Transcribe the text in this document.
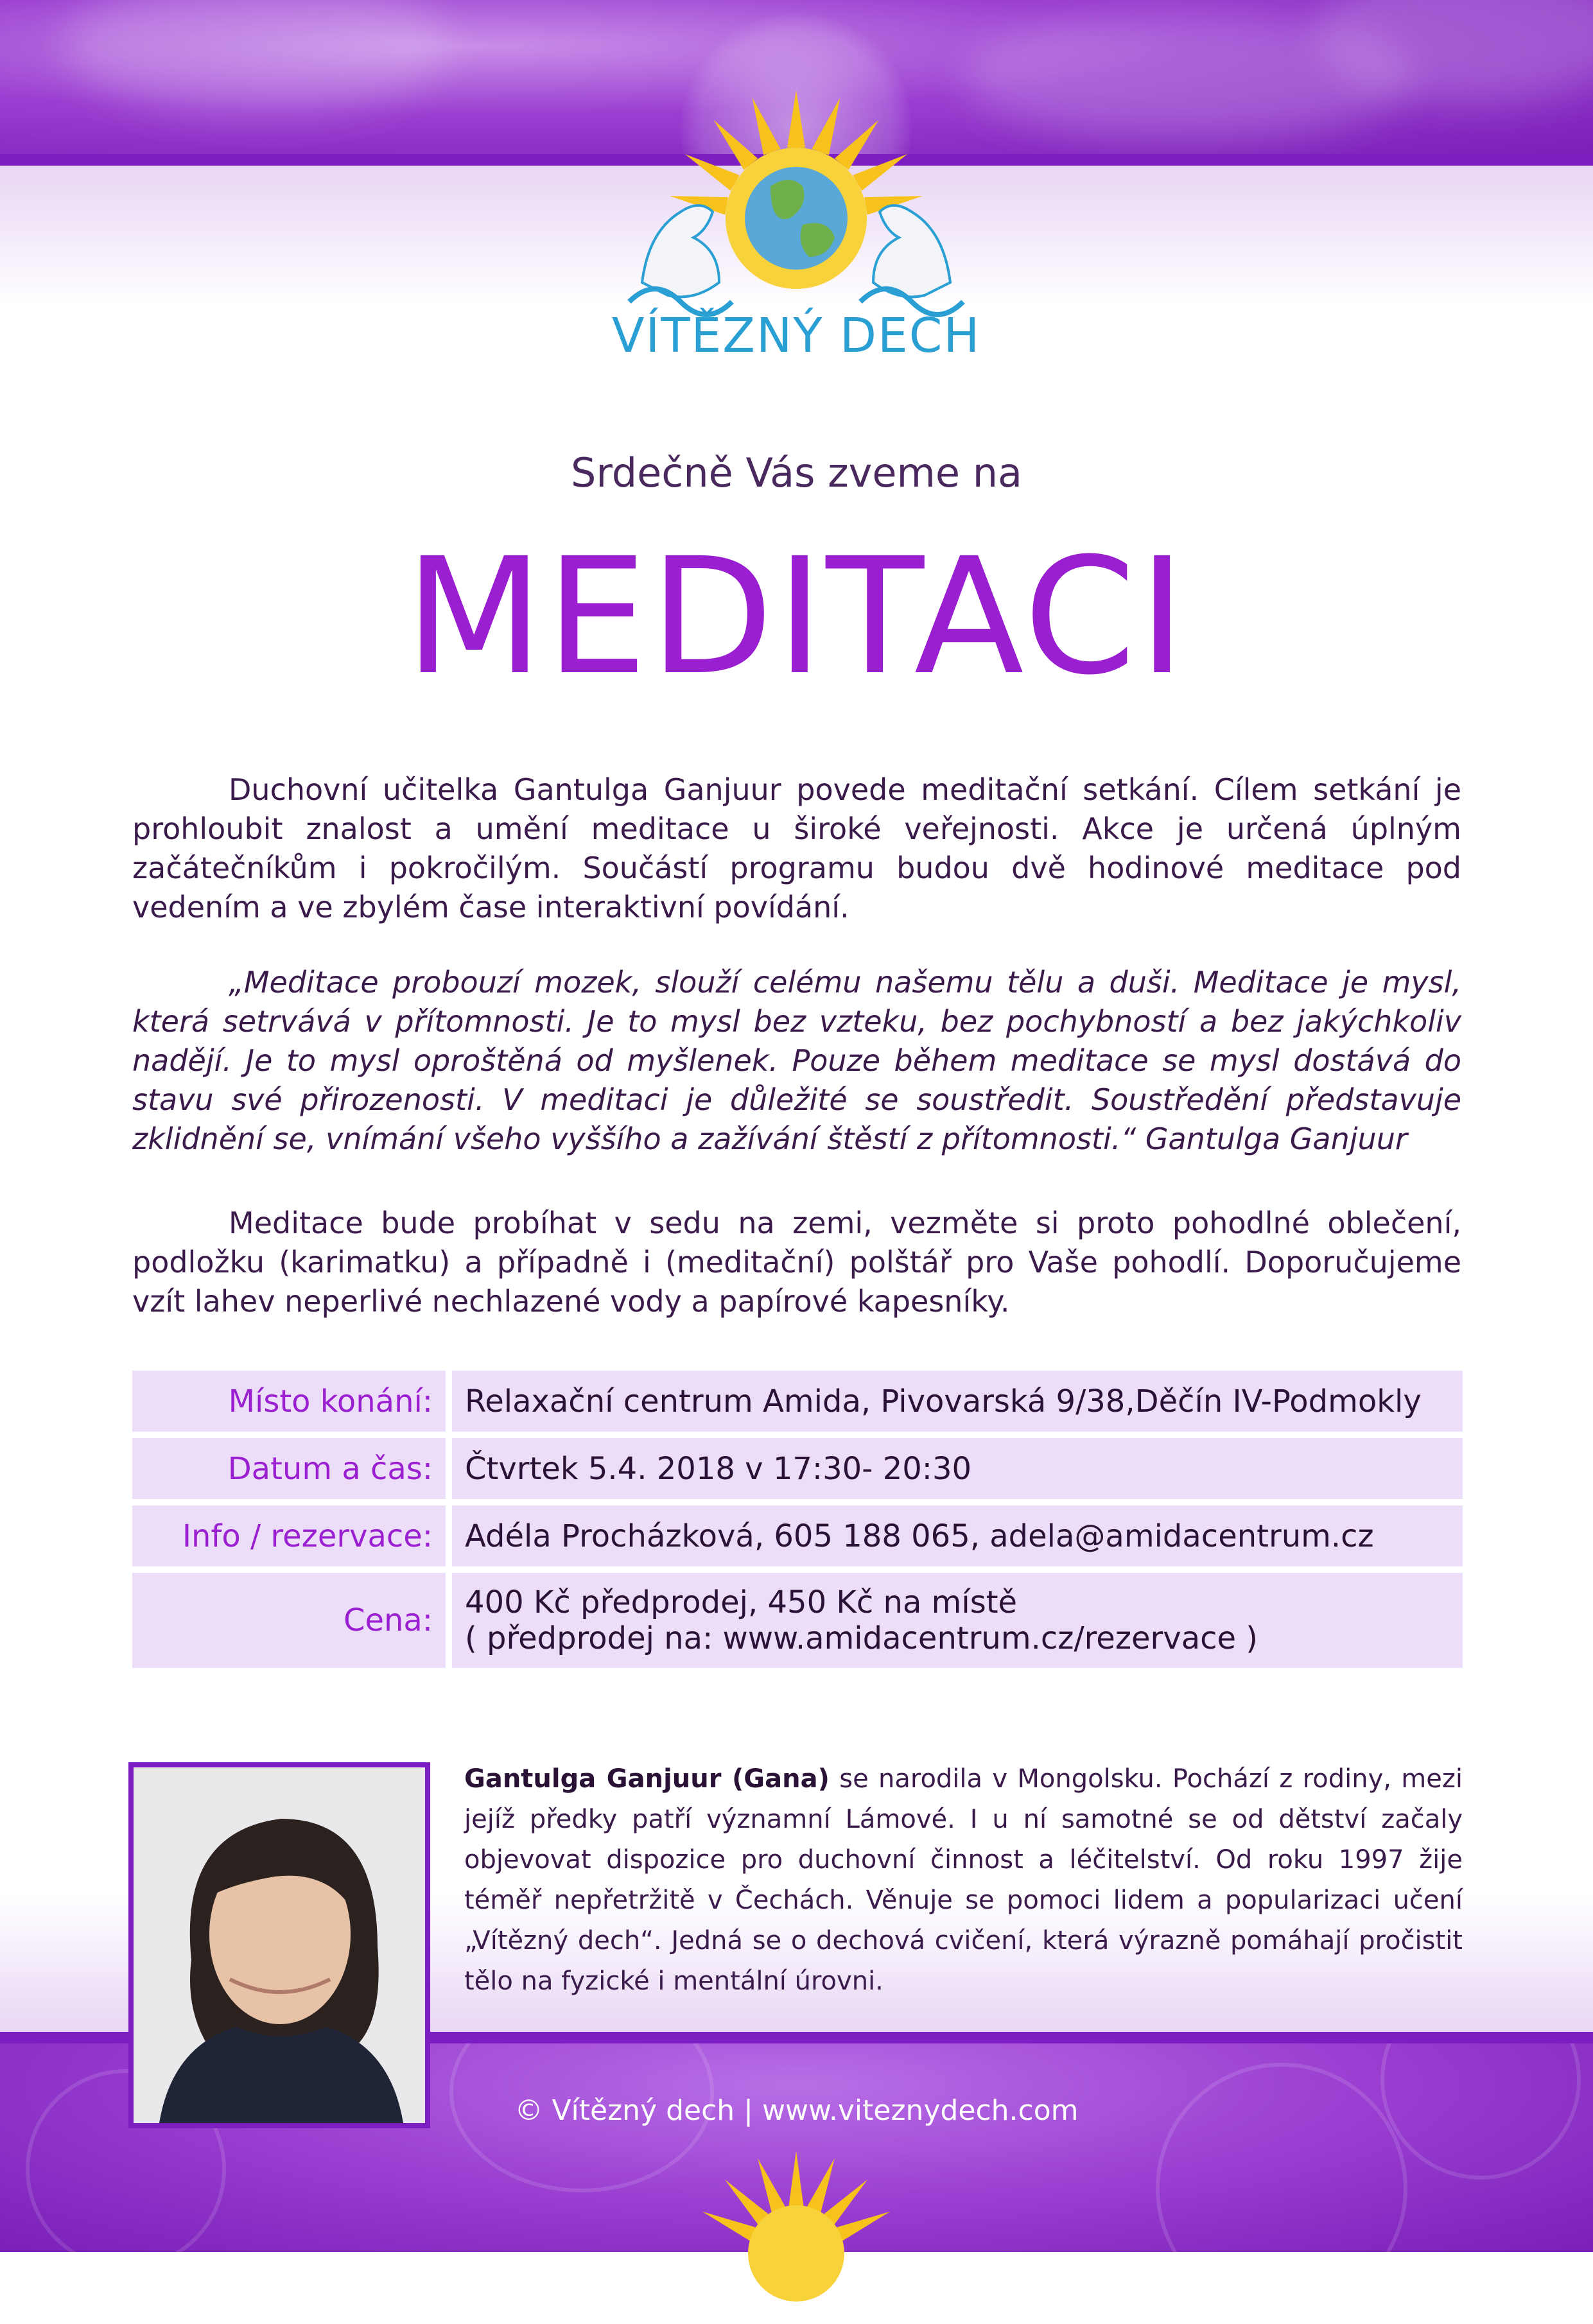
VÍTĚZNÝ DECH
Srdečně Vás zveme na
MEDITACI
Duchovní učitelka Gantulga Ganjuur povede meditační setkání. Cílem setkání je prohloubit znalost a umění meditace u široké veřejnosti. Akce je určená úplným začátečníkům i pokročilým. Součástí programu budou dvě hodinové meditace pod vedením a ve zbylém čase interaktivní povídání.
„Meditace probouzí mozek, slouží celému našemu tělu a duši. Meditace je mysl, která setrvává v přítomnosti. Je to mysl bez vzteku, bez pochybností a bez jakýchkoliv nadějí. Je to mysl oproštěná od myšlenek. Pouze během meditace se mysl dostává do stavu své přirozenosti. V meditaci je důležité se soustředit. Soustředění představuje zklidnění se, vnímání všeho vyššího a zažívání štěstí z přítomnosti.“ Gantulga Ganjuur
Meditace bude probíhat v sedu na zemi, vezměte si proto pohodlné oblečení, podložku (karimatku) a případně i (meditační) polštář pro Vaše pohodlí. Doporučujeme vzít lahev neperlivé nechlazené vody a papírové kapesníky.
Místo konání:	Relaxační centrum Amida, Pivovarská 9/38,Děčín IV-Podmokly
Datum a čas:	Čtvrtek 5.4. 2018 v 17:30- 20:30
Info / rezervace:	Adéla Procházková, 605 188 065, adela@amidacentrum.cz
Cena:	400 Kč předprodej, 450 Kč na místě
( předprodej na: www.amidacentrum.cz/rezervace )
© Vítězný dech | www.viteznydech.com
Gantulga Ganjuur (Gana) se narodila v Mongolsku. Pochází z rodiny, mezi jejíž předky patří významní Lámové. I u ní samotné se od dětství začaly objevovat dispozice pro duchovní činnost a léčitelství. Od roku 1997 žije téměř nepřetržitě v Čechách. Věnuje se pomoci lidem a popularizaci učení „Vítězný dech“. Jedná se o dechová cvičení, která výrazně pomáhají pročistit tělo na fyzické i mentální úrovni.
